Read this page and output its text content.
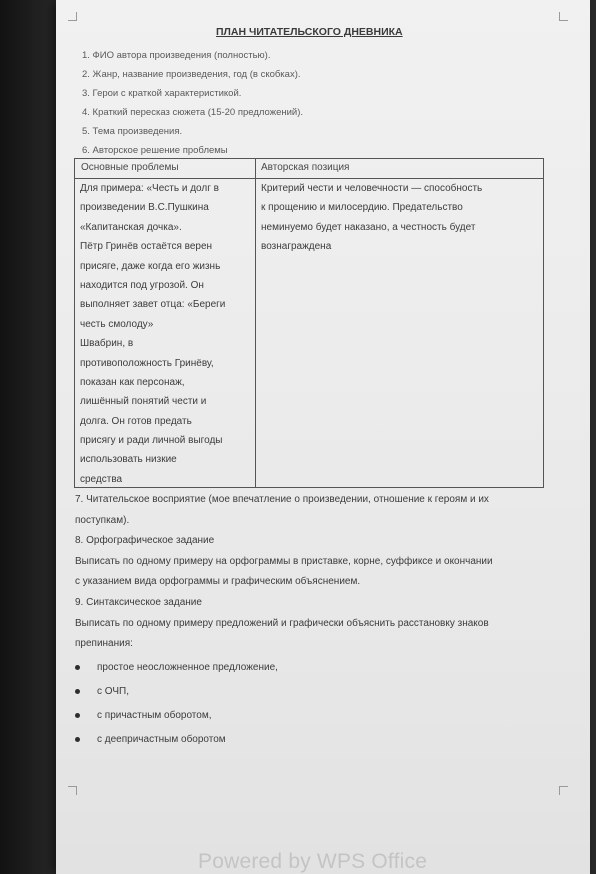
ПЛАН ЧИТАТЕЛЬСКОГО ДНЕВНИКА
1. ФИО автора произведения (полностью).
2. Жанр, название произведения, год (в скобках).
3. Герои с краткой характеристикой.
4. Краткий пересказ сюжета (15-20 предложений).
5. Тема произведения.
6. Авторское решение проблемы
Основные проблемы	Авторская позиция
Для примера: «Честь и долг в
произведении В.С.Пушкина
«Капитанская дочка».
Пётр Гринёв остаётся верен
присяге, даже когда его жизнь
находится под угрозой. Он
выполняет завет отца: «Береги
честь смолоду»
Швабрин, в
противоположность Гринёву,
показан как персонаж,
лишённый понятий чести и
долга. Он готов предать
присягу и ради личной выгоды
использовать низкие
средства
Критерий чести и человечности — способность
к прощению и милосердию. Предательство
неминуемо будет наказано, а честность будет
вознаграждена
7. Читательское восприятие (мое впечатление о произведении, отношение к героям и их
поступкам).
8. Орфографическое задание
Выписать по одному примеру на орфограммы в приставке, корне, суффиксе и окончании
с указанием вида орфограммы и графическим объяснением.
9. Синтаксическое задание
Выписать по одному примеру предложений и графически объяснить расстановку знаков
препинания:
простое неосложненное предложение,
с ОЧП,
с причастным оборотом,
с деепричастным оборотом
Powered by WPS Office
